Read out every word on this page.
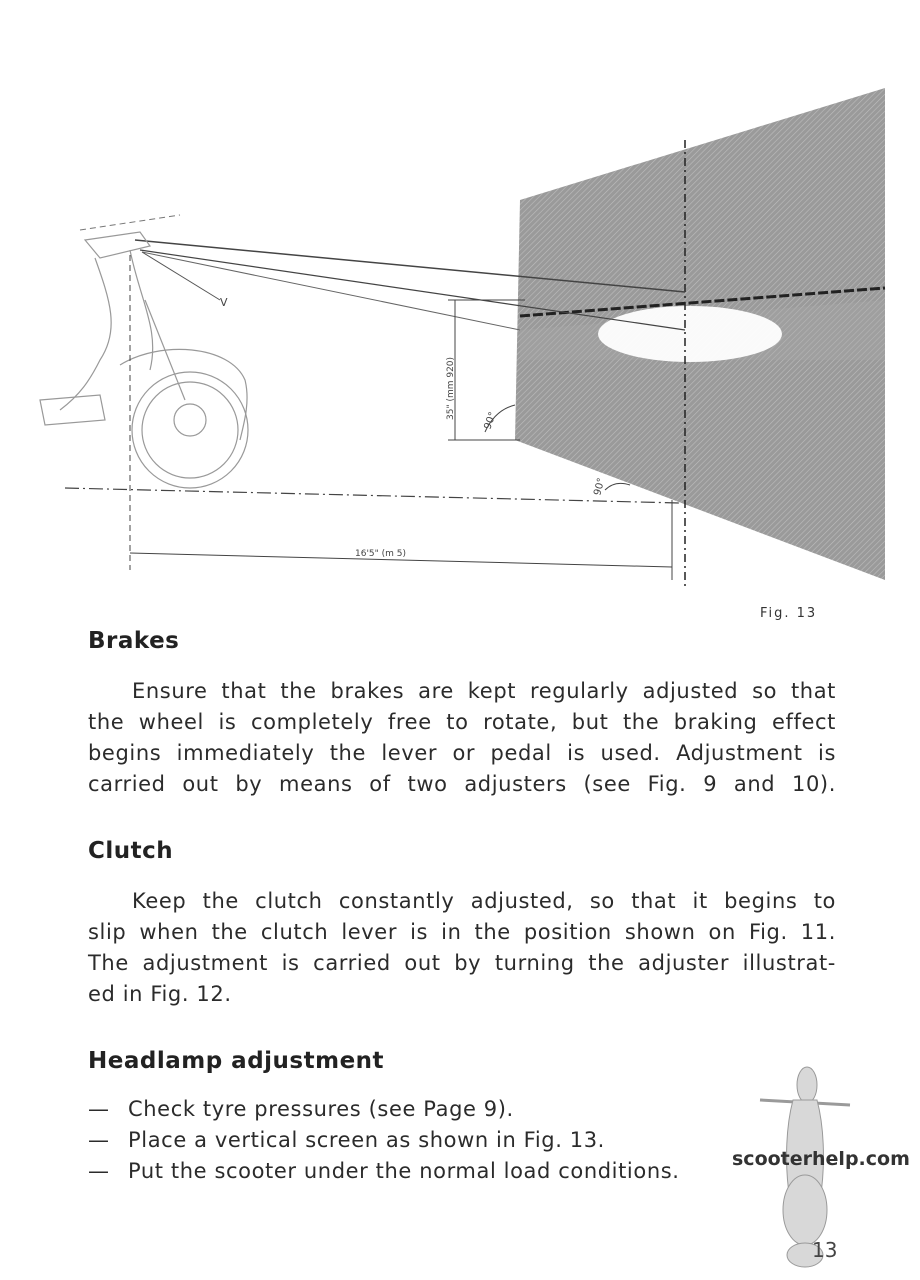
V
35" (mm 920)
90°
90°
16'5" (m 5)
Fig. 13
Brakes
Ensure that the brakes are kept regularly adjusted so that
the wheel is completely free to rotate, but the braking effect
begins immediately the lever or pedal is used. Adjustment is
carried out by means of two adjusters (see Fig. 9 and 10).
Clutch
Keep the clutch constantly adjusted, so that it begins to
slip when the clutch lever is in the position shown on Fig. 11.
The adjustment is carried out by turning the adjuster illustrat-
ed in Fig. 12.
Headlamp adjustment
— Check tyre pressures (see Page 9).
— Place a vertical screen as shown in Fig. 13.
— Put the scooter under the normal load conditions.	scooterhelp.com
13
